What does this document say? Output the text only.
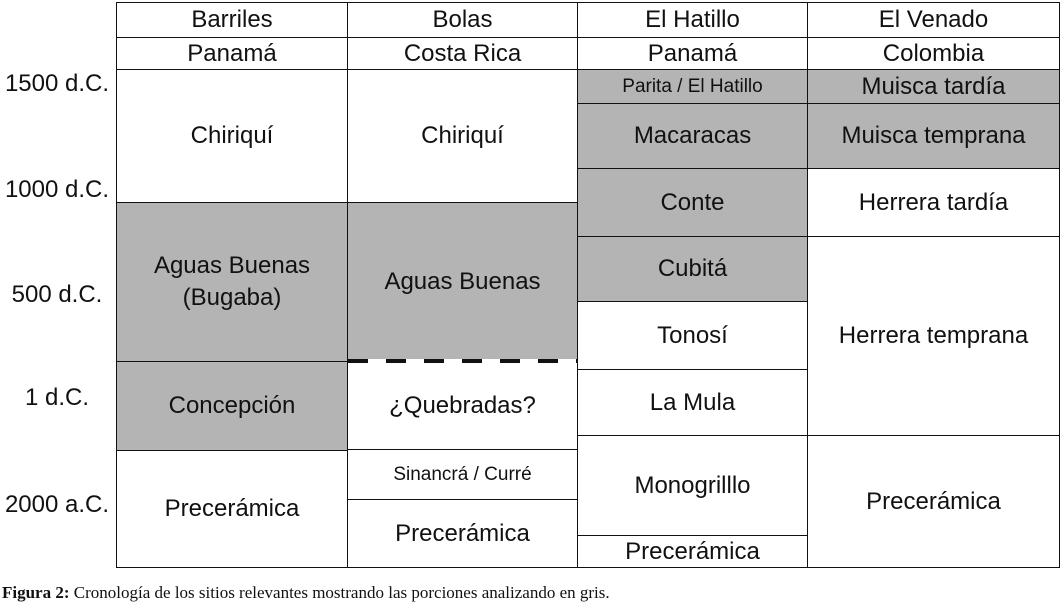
1500 d.C.
1000 d.C.
500 d.C.
1 d.C.
2000 a.C.
Barriles
Panamá
Chiriquí
Aguas Buenas
(Bugaba)
Concepción
Precerámica
Bolas
Costa Rica
Chiriquí
Aguas Buenas
¿Quebradas?
Sinancrá / Curré
Precerámica
El Hatillo
Panamá
Parita / El Hatillo
Macaracas
Conte
Cubitá
Tonosí
La Mula
Monogrilllo
Precerámica
El Venado
Colombia
Muisca tardía
Muisca temprana
Herrera tardía
Herrera temprana
Precerámica
Figura 2: Cronología de los sitios relevantes mostrando las porciones analizando en gris.
